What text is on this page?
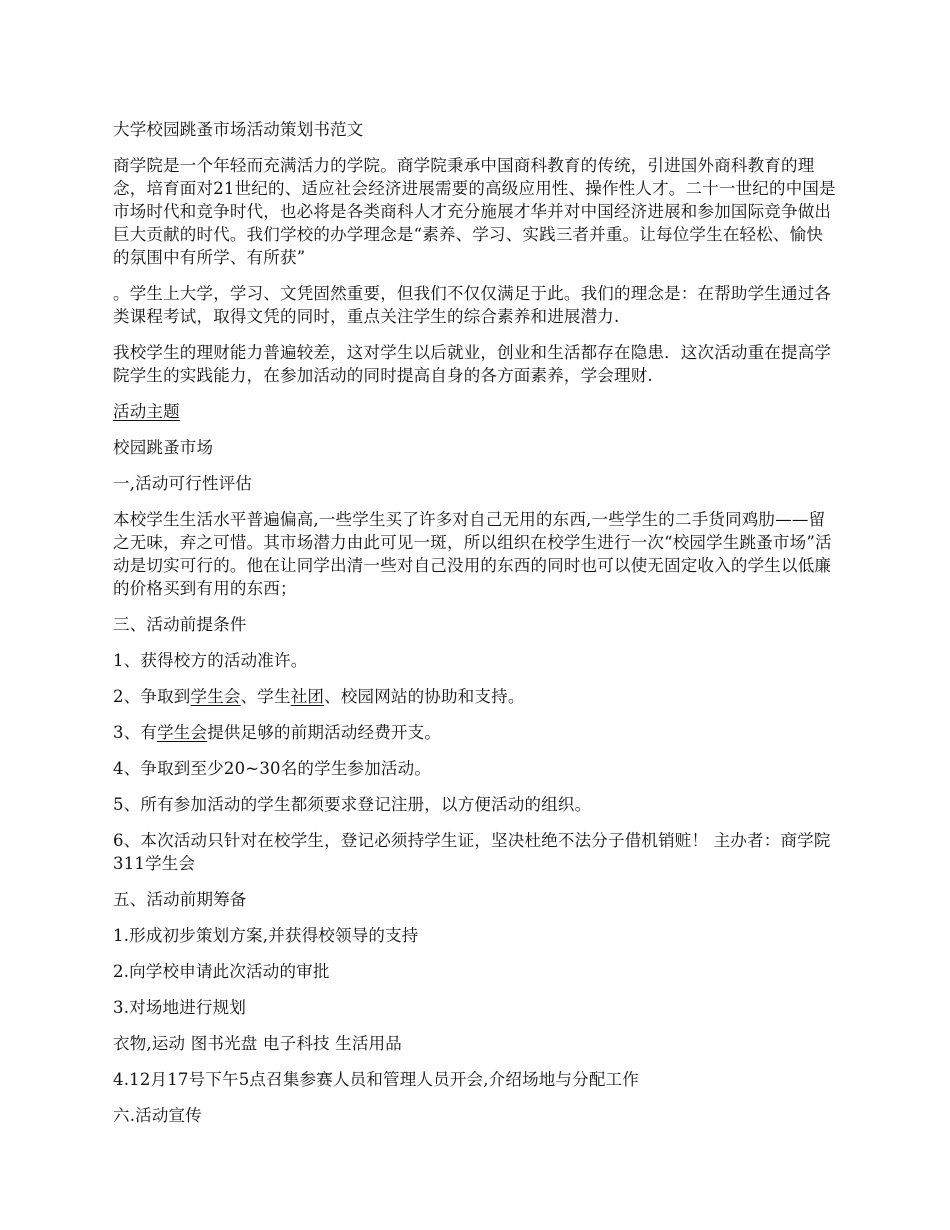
大学校园跳蚤市场活动策划书范文

商学院是一个年轻而充满活力的学院。商学院秉承中国商科教育的传统，引进国外商科教育的理念，培育面对21世纪的、适应社会经济进展需要的高级应用性、操作性人才。二十一世纪的中国是市场时代和竞争时代，也必将是各类商科人才充分施展才华并对中国经济进展和参加国际竞争做出巨大贡献的时代。我们学校的办学理念是“素养、学习、实践三者并重。让每位学生在轻松、愉快的氛围中有所学、有所获”

。学生上大学，学习、文凭固然重要，但我们不仅仅满足于此。我们的理念是：在帮助学生通过各类课程考试，取得文凭的同时，重点关注学生的综合素养和进展潜力.

我校学生的理财能力普遍较差，这对学生以后就业，创业和生活都存在隐患．这次活动重在提高学院学生的实践能力，在参加活动的同时提高自身的各方面素养，学会理财.

活动主题

校园跳蚤市场

一,活动可行性评估

本校学生生活水平普遍偏高,一些学生买了许多对自己无用的东西,一些学生的二手货同鸡肋——留之无味，弃之可惜。其市场潜力由此可见一斑，所以组织在校学生进行一次“校园学生跳蚤市场”活动是切实可行的。他在让同学出清一些对自己没用的东西的同时也可以使无固定收入的学生以低廉的价格买到有用的东西；

三、活动前提条件

1、获得校方的活动准许。

2、争取到学生会、学生社团、校园网站的协助和支持。

3、有学生会提供足够的前期活动经费开支。

4、争取到至少20~30名的学生参加活动。

5、所有参加活动的学生都须要求登记注册，以方便活动的组织。

6、本次活动只针对在校学生，登记必须持学生证，坚决杜绝不法分子借机销赃！ 主办者：商学院311学生会

五、活动前期筹备

1.形成初步策划方案,并获得校领导的支持

2.向学校申请此次活动的审批

3.对场地进行规划

衣物,运动 图书光盘 电子科技 生活用品

4.12月17号下午5点召集参赛人员和管理人员开会,介绍场地与分配工作

六.活动宣传
